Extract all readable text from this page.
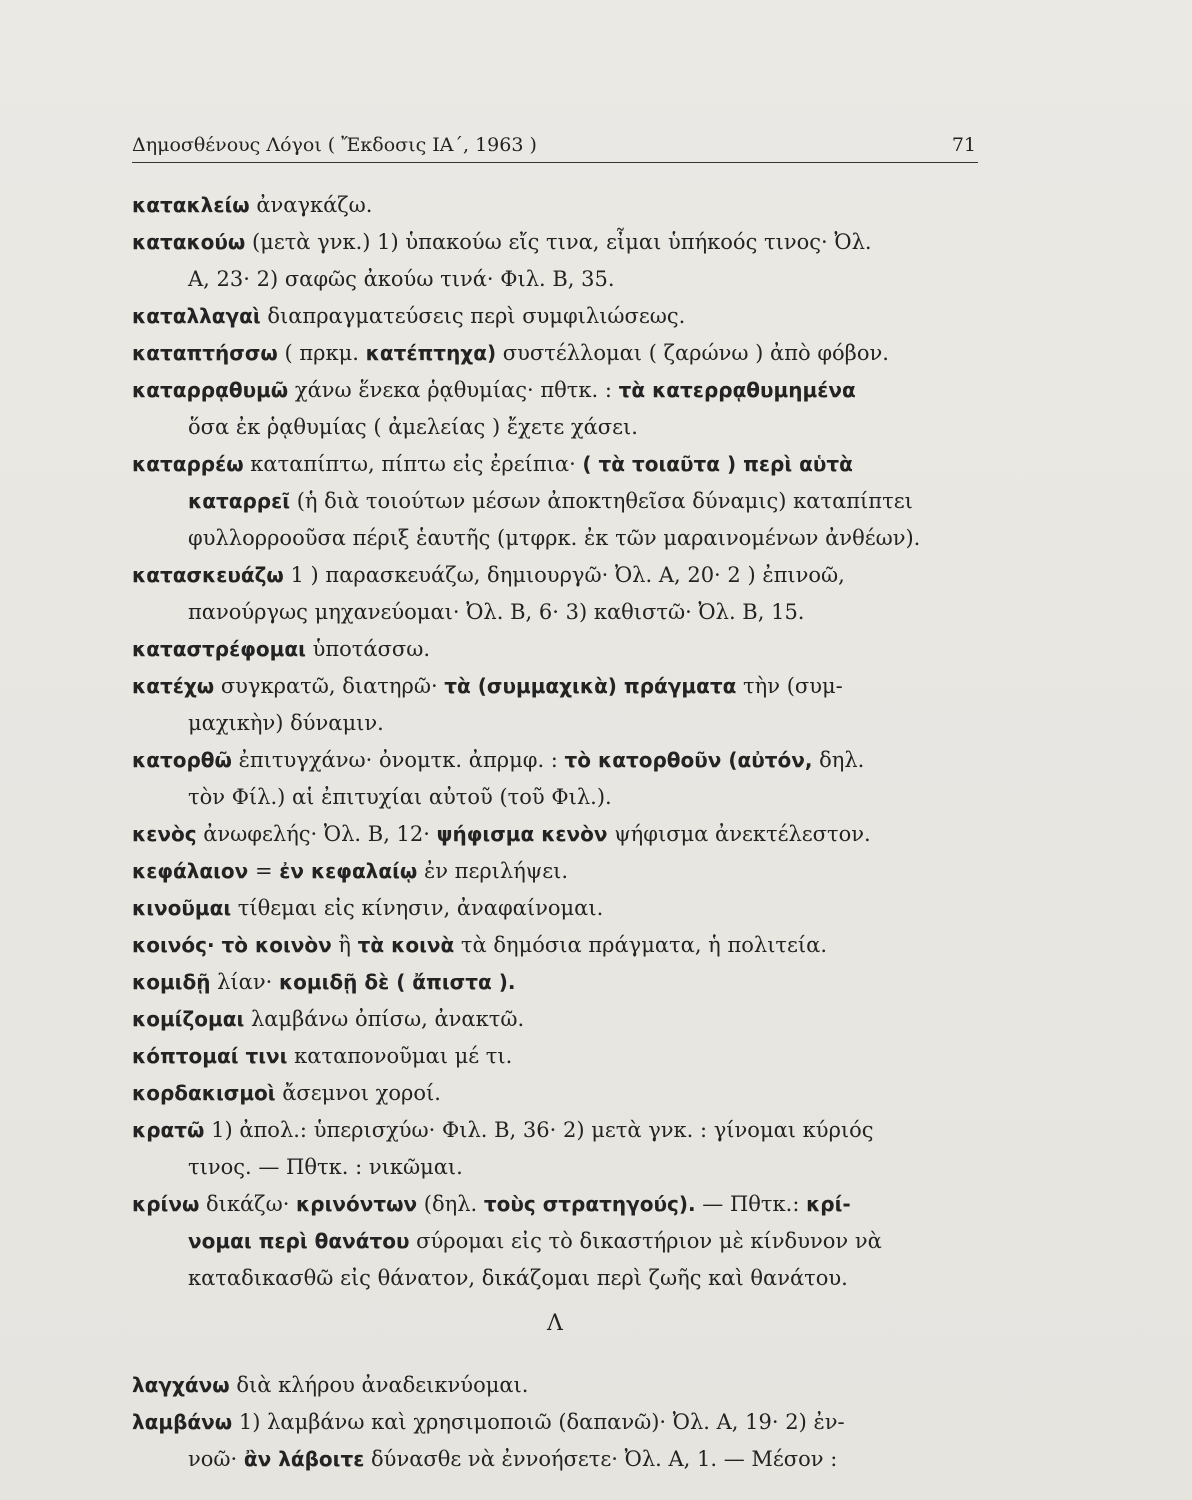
Δημοσθένους Λόγοι ( Ἔκδοσις ΙΑ΄, 1963 )	71
κατακλείω ἀναγκάζω.
κατακούω (μετὰ γνκ.) 1) ὑπακούω εἴς τινα, εἶμαι ὑπήκοός τινος· Ὀλ.
Α, 23· 2) σαφῶς ἀκούω τινά· Φιλ. Β, 35.
καταλλαγαὶ διαπραγματεύσεις περὶ συμφιλιώσεως.
καταπτήσσω ( πρκμ. κατέπτηχα) συστέλλομαι ( ζαρώνω ) ἀπὸ φόβον.
καταρρᾳθυμῶ χάνω ἕνεκα ῥᾳθυμίας· πθτκ. : τὰ κατερρᾳθυμημένα
ὅσα ἐκ ῥᾳθυμίας ( ἀμελείας ) ἔχετε χάσει.
καταρρέω καταπίπτω, πίπτω εἰς ἐρείπια· ( τὰ τοιαῦτα ) περὶ αὑτὰ
καταρρεῖ (ἡ διὰ τοιούτων μέσων ἀποκτηθεῖσα δύναμις) καταπίπτει
φυλλορροοῦσα πέριξ ἑαυτῆς (μτφρκ. ἐκ τῶν μαραινομένων ἀνθέων).
κατασκευάζω 1 ) παρασκευάζω, δημιουργῶ· Ὀλ. Α, 20· 2 ) ἐπινοῶ,
πανούργως μηχανεύομαι· Ὀλ. Β, 6· 3) καθιστῶ· Ὀλ. Β, 15.
καταστρέφομαι ὑποτάσσω.
κατέχω συγκρατῶ, διατηρῶ· τὰ (συμμαχικὰ) πράγματα τὴν (συμ-
μαχικὴν) δύναμιν.
κατορθῶ ἐπιτυγχάνω· ὀνομτκ. ἀπρμφ. : τὸ κατορθοῦν (αὐτόν, δηλ.
τὸν Φίλ.) αἱ ἐπιτυχίαι αὐτοῦ (τοῦ Φιλ.).
κενὸς ἀνωφελής· Ὀλ. Β, 12· ψήφισμα κενὸν ψήφισμα ἀνεκτέλεστον.
κεφάλαιον = ἐν κεφαλαίῳ ἐν περιλήψει.
κινοῦμαι τίθεμαι εἰς κίνησιν, ἀναφαίνομαι.
κοινός· τὸ κοινὸν ἢ τὰ κοινὰ τὰ δημόσια πράγματα, ἡ πολιτεία.
κομιδῇ λίαν· κομιδῇ δὲ ( ἄπιστα ).
κομίζομαι λαμβάνω ὀπίσω, ἀνακτῶ.
κόπτομαί τινι καταπονοῦμαι μέ τι.
κορδακισμοὶ ἄσεμνοι χοροί.
κρατῶ 1) ἀπολ.: ὑπερισχύω· Φιλ. Β, 36· 2) μετὰ γνκ. : γίνομαι κύριός
τινος. — Πθτκ. : νικῶμαι.
κρίνω δικάζω· κρινόντων (δηλ. τοὺς στρατηγούς). — Πθτκ.: κρί-
νομαι περὶ θανάτου σύρομαι εἰς τὸ δικαστήριον μὲ κίνδυνον νὰ
καταδικασθῶ εἰς θάνατον, δικάζομαι περὶ ζωῆς καὶ θανάτου.
Λ
λαγχάνω διὰ κλήρου ἀναδεικνύομαι.
λαμβάνω 1) λαμβάνω καὶ χρησιμοποιῶ (δαπανῶ)· Ὀλ. Α, 19· 2) ἐν-
νοῶ· ἂν λάβοιτε δύνασθε νὰ ἐννοήσετε· Ὀλ. Α, 1. — Μέσον :
